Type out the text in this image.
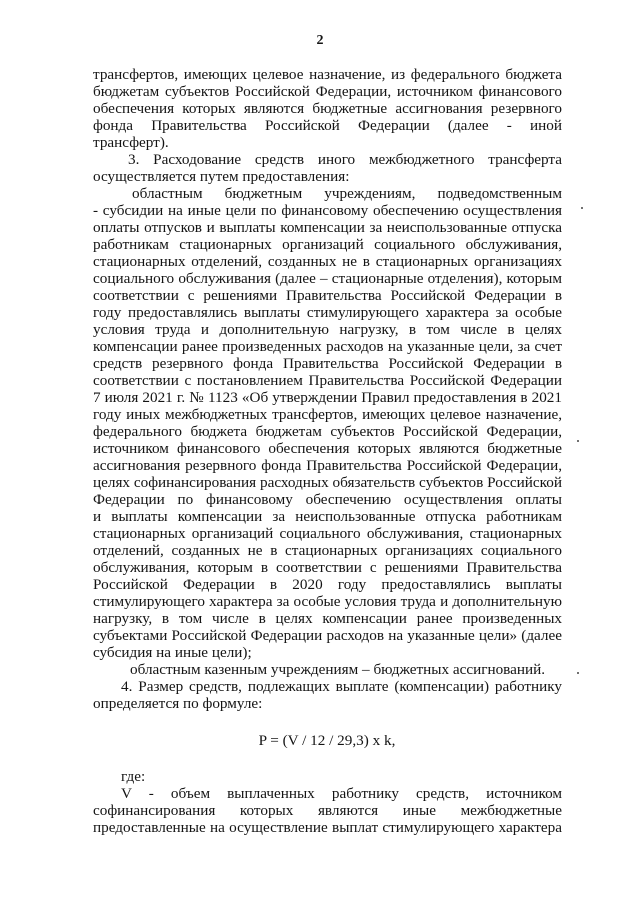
2
трансфертов, имеющих целевое назначение, из федерального бюджета
бюджетам субъектов Российской Федерации, источником финансового
обеспечения которых являются бюджетные ассигнования резервного
фонда Правительства Российской Федерации (далее - иной
трансферт).
3. Расходование средств иного межбюджетного трансферта
осуществляется путем предоставления:
областным бюджетным учреждениям, подведомственным
- субсидии на иные цели по финансовому обеспечению осуществления
оплаты отпусков и выплаты компенсации за неиспользованные отпуска
работникам стационарных организаций социального обслуживания,
стационарных отделений, созданных не в стационарных организациях
социального обслуживания (далее – стационарные отделения), которым
соответствии с решениями Правительства Российской Федерации в
году предоставлялись выплаты стимулирующего характера за особые
условия труда и дополнительную нагрузку, в том числе в целях
компенсации ранее произведенных расходов на указанные цели, за счет
средств резервного фонда Правительства Российской Федерации в
соответствии с постановлением Правительства Российской Федерации
7 июля 2021 г. № 1123 «Об утверждении Правил предоставления в 2021
году иных межбюджетных трансфертов, имеющих целевое назначение,
федерального бюджета бюджетам субъектов Российской Федерации,
источником финансового обеспечения которых являются бюджетные
ассигнования резервного фонда Правительства Российской Федерации,
целях софинансирования расходных обязательств субъектов Российской
Федерации по финансовому обеспечению осуществления оплаты
и выплаты компенсации за неиспользованные отпуска работникам
стационарных организаций социального обслуживания, стационарных
отделений, созданных не в стационарных организациях социального
обслуживания, которым в соответствии с решениями Правительства
Российской Федерации в 2020 году предоставлялись выплаты
стимулирующего характера за особые условия труда и дополнительную
нагрузку, в том числе в целях компенсации ранее произведенных
субъектами Российской Федерации расходов на указанные цели» (далее
субсидия на иные цели);
областным казенным учреждениям – бюджетных ассигнований.
4. Размер средств, подлежащих выплате (компенсации) работнику
определяется по формуле:
P = (V / 12 / 29,3) x k,
где:
V - объем выплаченных работнику средств, источником
софинансирования которых являются иные межбюджетные
предоставленные на осуществление выплат стимулирующего характера
